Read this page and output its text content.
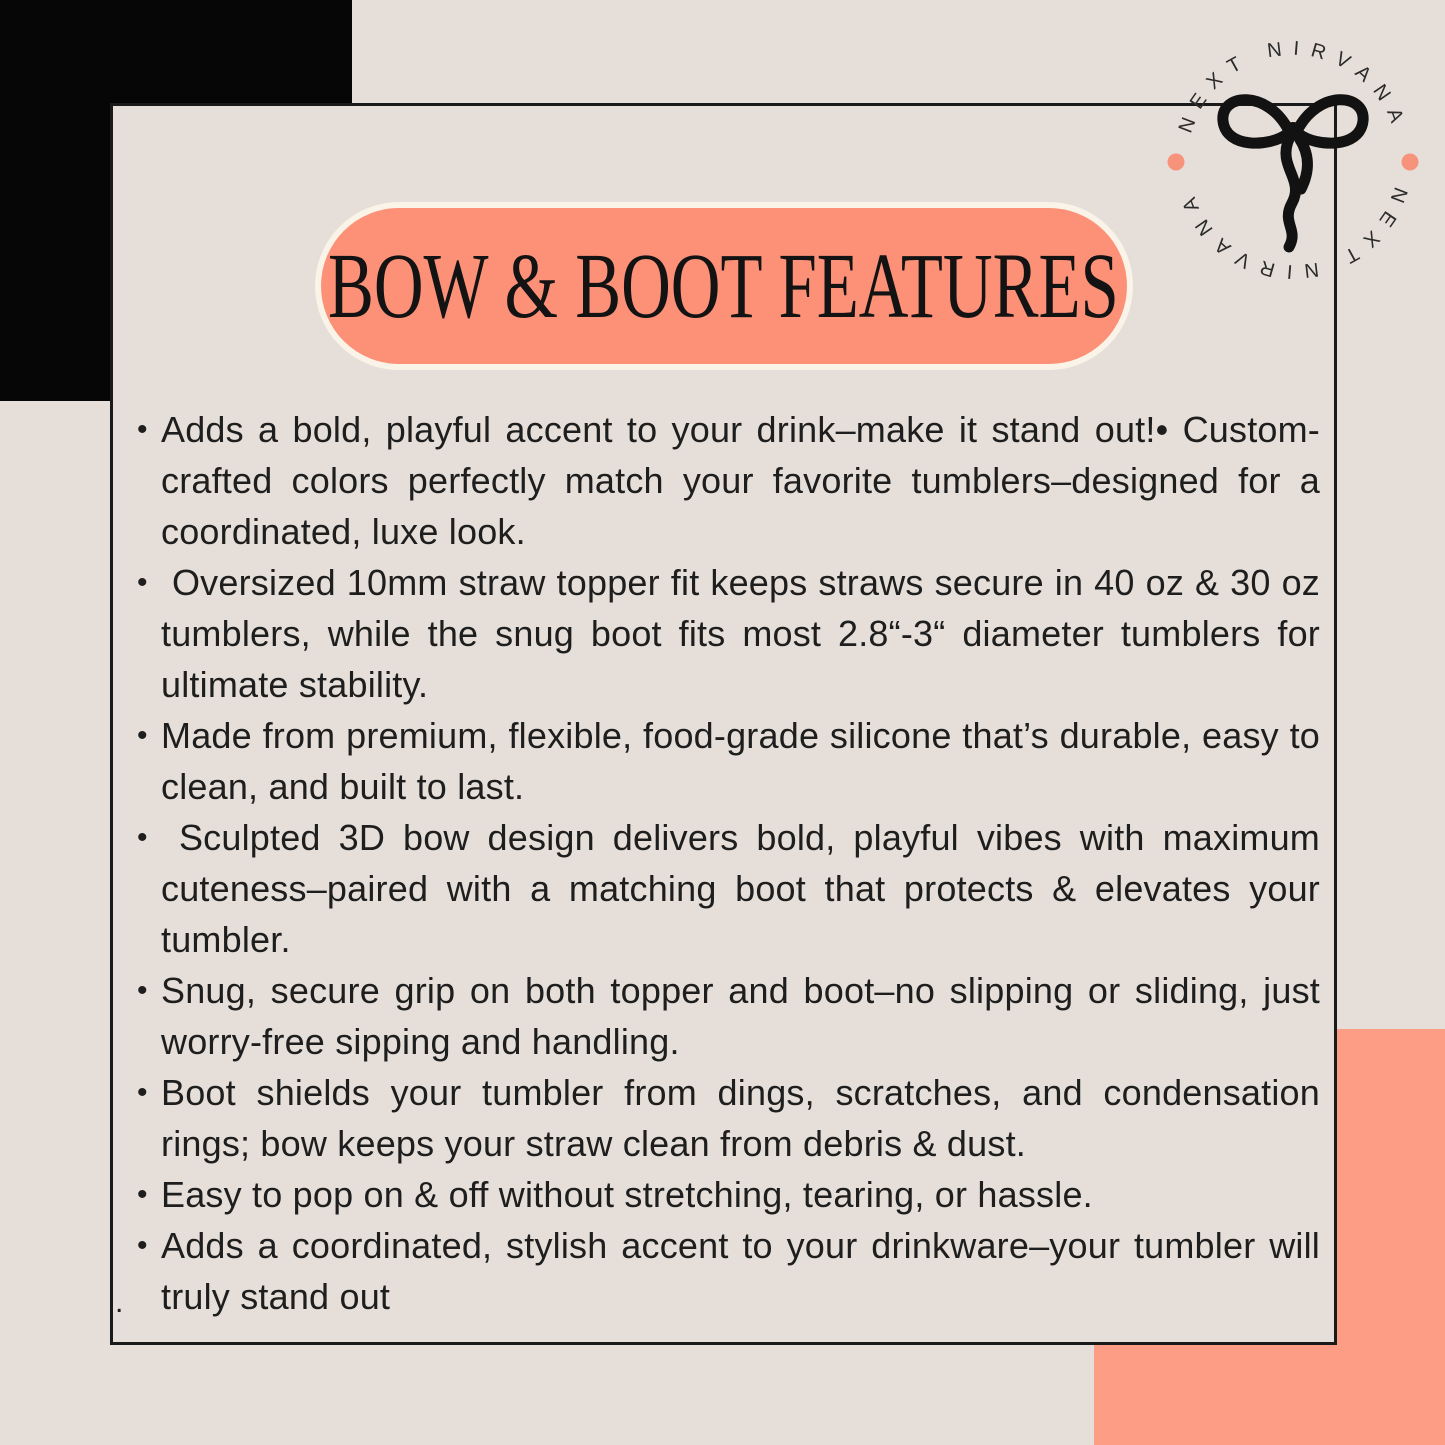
BOW & BOOT FEATURES
• Adds a bold, playful accent to your drink–make it stand out!• Custom-crafted colors perfectly match your favorite tumblers–designed for a coordinated, luxe look.
•  Oversized 10mm straw topper fit keeps straws secure in 40 oz & 30 oz tumblers, while the snug boot fits most 2.8“-3“ diameter tumblers for ultimate stability.
• Made from premium, flexible, food-grade silicone that’s durable, easy to clean, and built to last.
•  Sculpted 3D bow design delivers bold, playful vibes with maximum cuteness–paired with a matching boot that protects & elevates your tumbler.
• Snug, secure grip on both topper and boot–no slipping or sliding, just worry-free sipping and handling.
• Boot shields your tumbler from dings, scratches, and condensation rings; bow keeps your straw clean from debris & dust.
• Easy to pop on & off without stretching, tearing, or hassle.
• Adds a coordinated, stylish accent to your drinkware–your tumbler will truly stand out
.
NEXT NIRVANA
NEXT NIRVANA
